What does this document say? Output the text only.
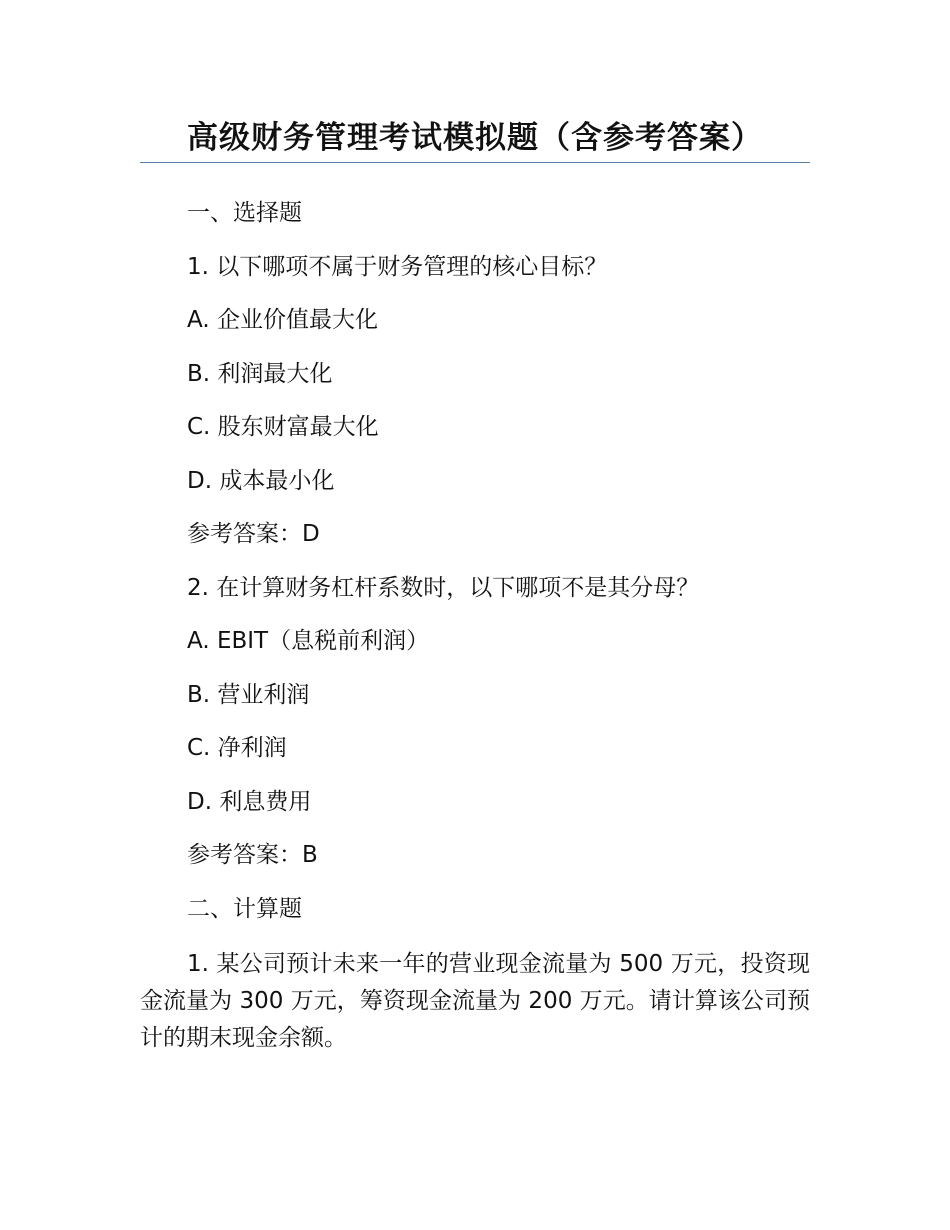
高级财务管理考试模拟题（含参考答案）
一、选择题
1. 以下哪项不属于财务管理的核心目标？
A. 企业价值最大化
B. 利润最大化
C. 股东财富最大化
D. 成本最小化
参考答案：D
2. 在计算财务杠杆系数时，以下哪项不是其分母？
A. EBIT（息税前利润）
B. 营业利润
C. 净利润
D. 利息费用
参考答案：B
二、计算题
1. 某公司预计未来一年的营业现金流量为 500 万元，投资现金流量为 300 万元，筹资现金流量为 200 万元。请计算该公司预计的期末现金余额。
